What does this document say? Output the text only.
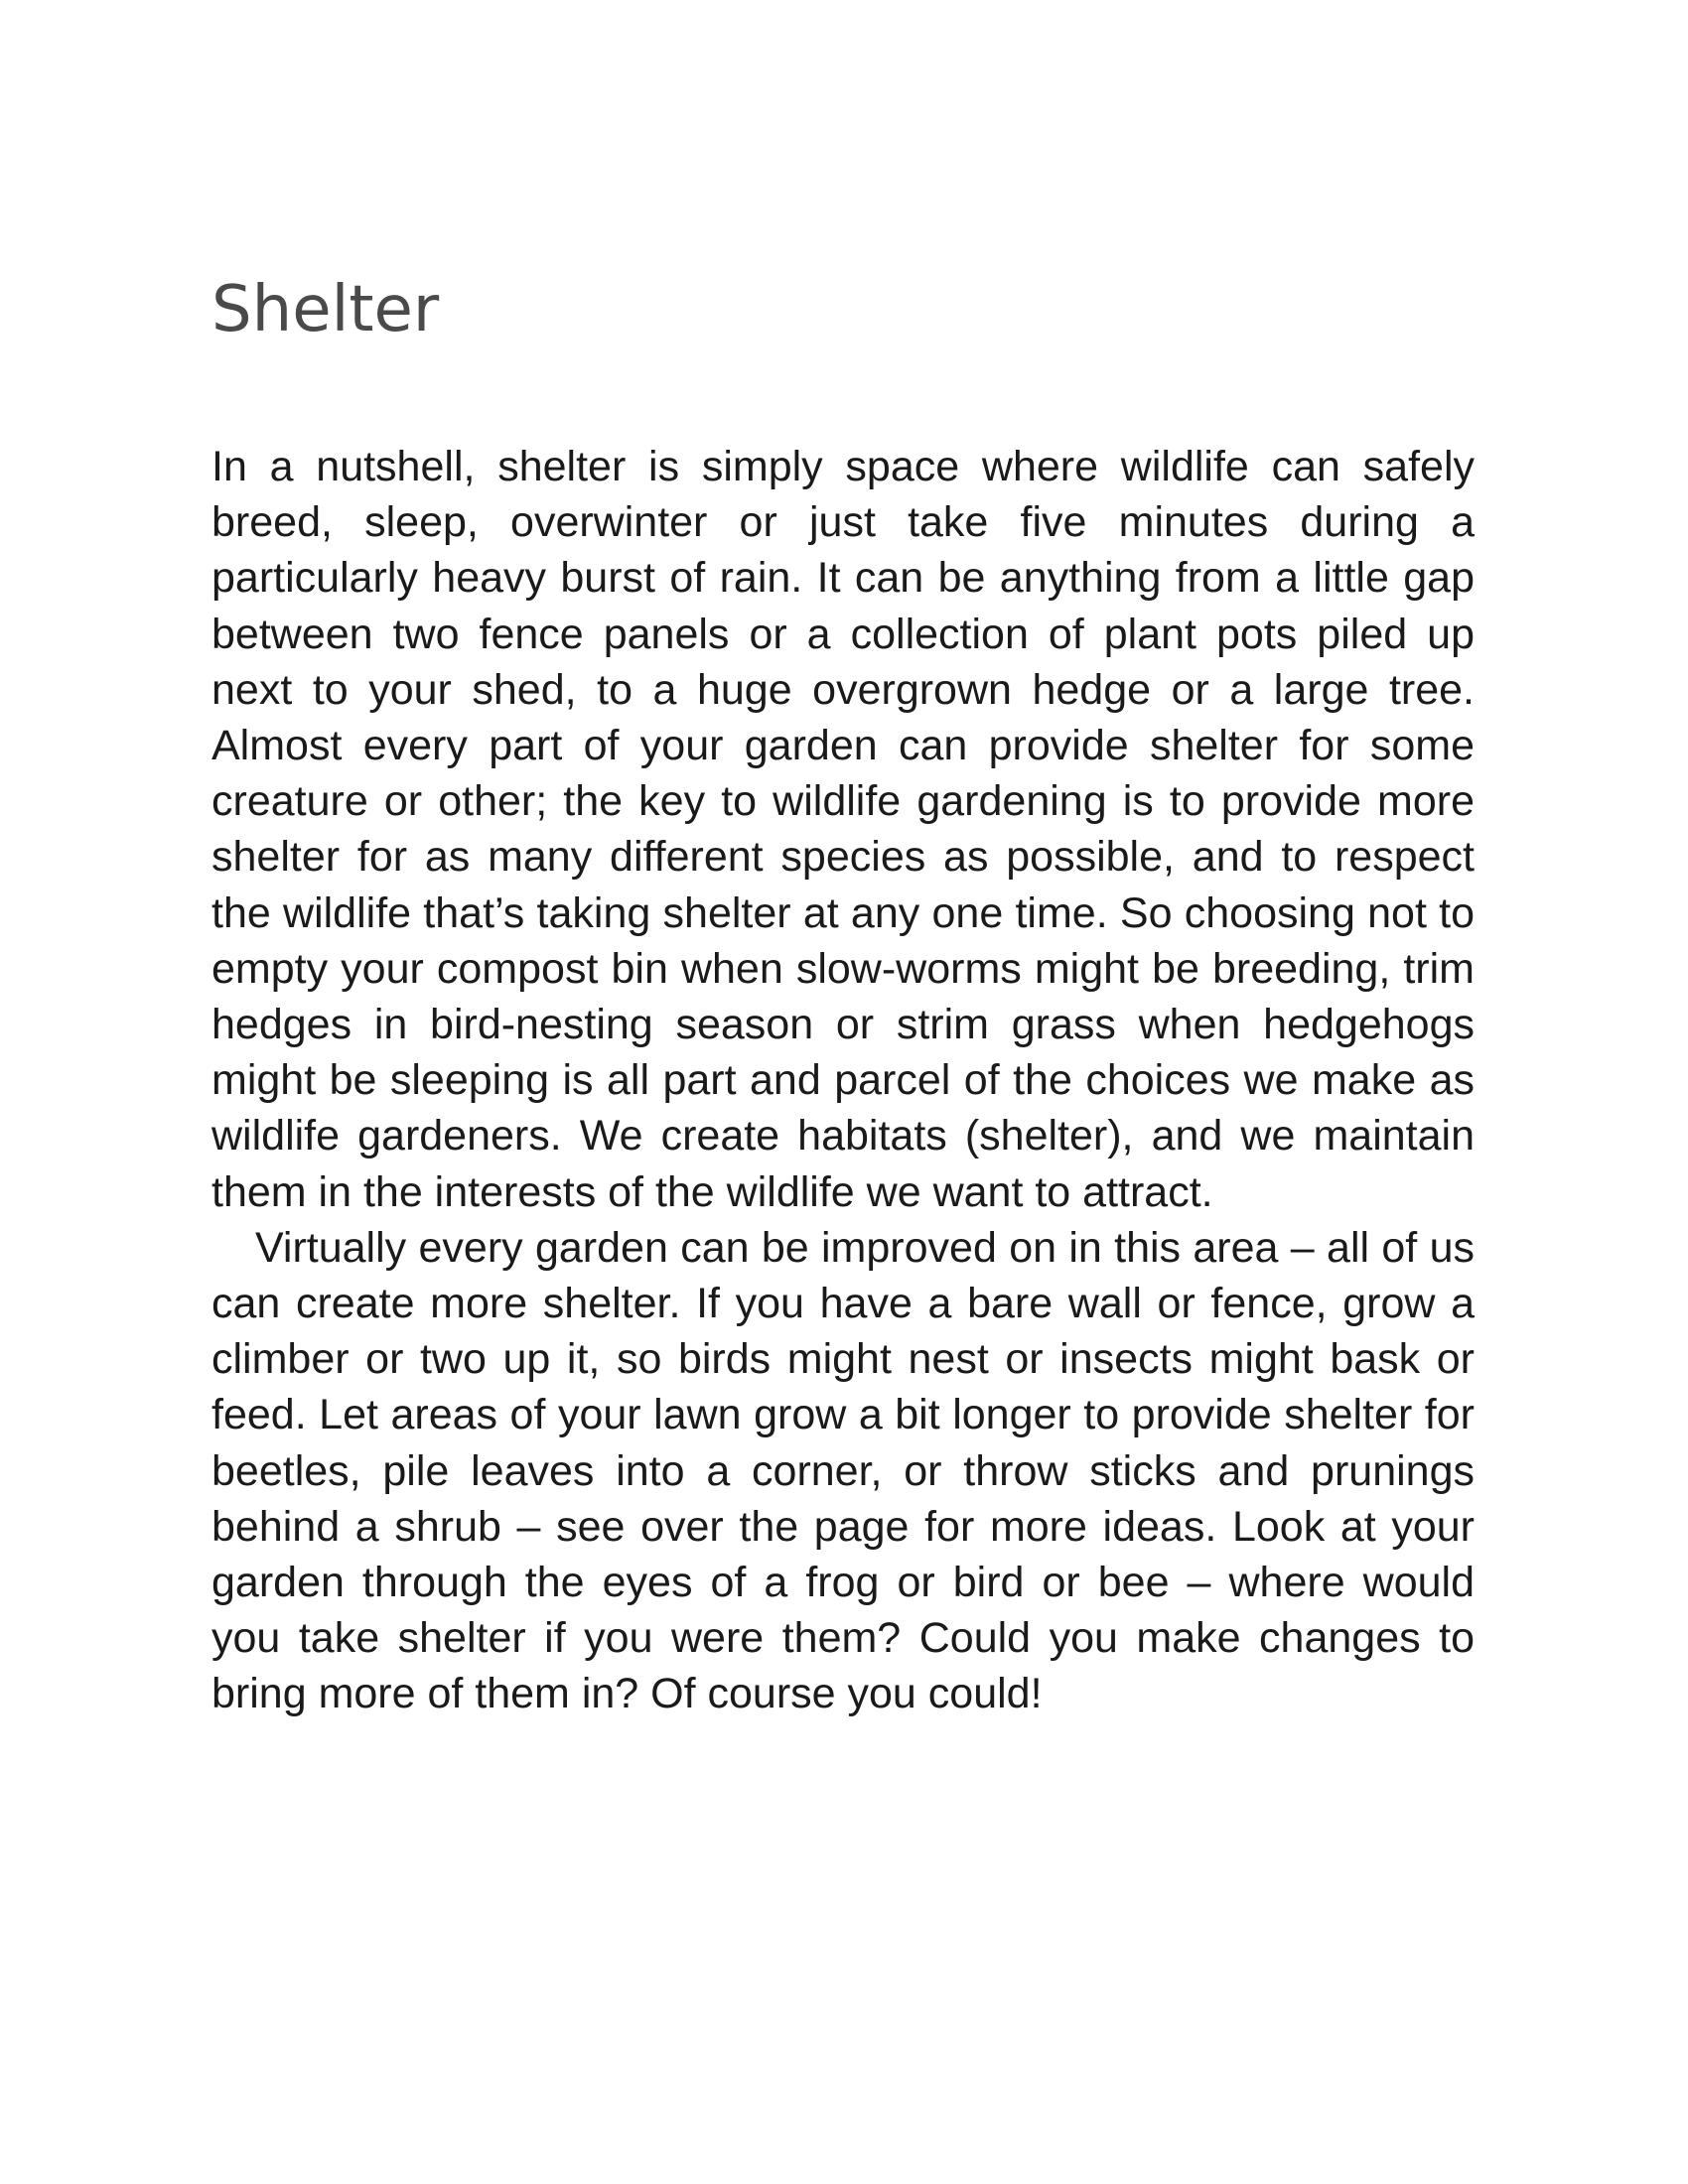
Shelter

In a nutshell, shelter is simply space where wildlife can safely breed, sleep, overwinter or just take five minutes during a particularly heavy burst of rain. It can be anything from a little gap between two fence panels or a collection of plant pots piled up next to your shed, to a huge overgrown hedge or a large tree. Almost every part of your garden can provide shelter for some creature or other; the key to wildlife gardening is to provide more shelter for as many different species as possible, and to respect the wildlife that’s taking shelter at any one time. So choosing not to empty your compost bin when slow-worms might be breeding, trim hedges in bird-nesting season or strim grass when hedgehogs might be sleeping is all part and parcel of the choices we make as wildlife gardeners. We create habitats (shelter), and we maintain them in the interests of the wildlife we want to attract.

Virtually every garden can be improved on in this area – all of us can create more shelter. If you have a bare wall or fence, grow a climber or two up it, so birds might nest or insects might bask or feed. Let areas of your lawn grow a bit longer to provide shelter for beetles, pile leaves into a corner, or throw sticks and prunings behind a shrub – see over the page for more ideas. Look at your garden through the eyes of a frog or bird or bee – where would you take shelter if you were them? Could you make changes to bring more of them in? Of course you could!
